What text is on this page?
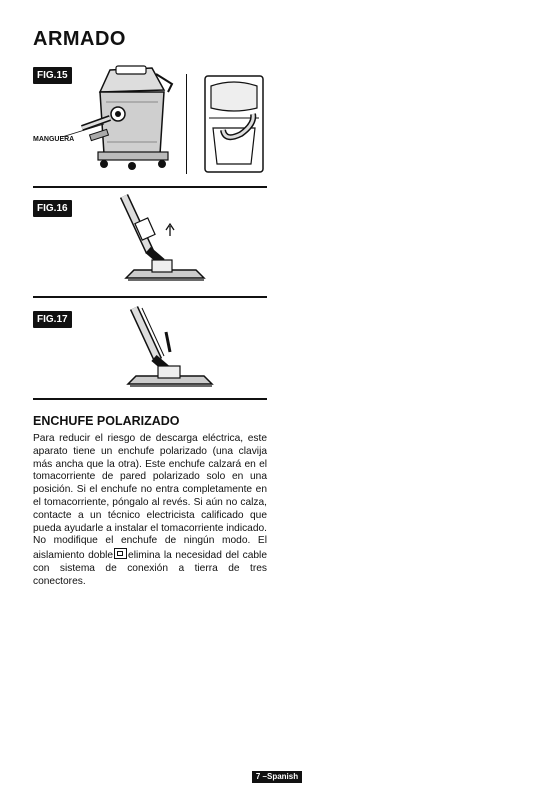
ARMADO
FIG.15
MANGUERA
FIG.16
FIG.17
ENCHUFE POLARIZADO
Para reducir el riesgo de descarga eléctrica, este aparato tiene un enchufe polarizado (una clavija más ancha que la otra). Este enchufe calzará en el tomacorriente de pared polarizado solo en una posición. Si el enchufe no entra completamente en el tomacorriente, póngalo al revés. Si aún no calza, contacte a un técnico electricista calificado que pueda ayudarle a instalar el tomacorriente indicado. No modifique el enchufe de ningún modo. El aislamiento doble elimina la necesidad del cable con sistema de conexión a tierra de tres conectores.
7 –Spanish
